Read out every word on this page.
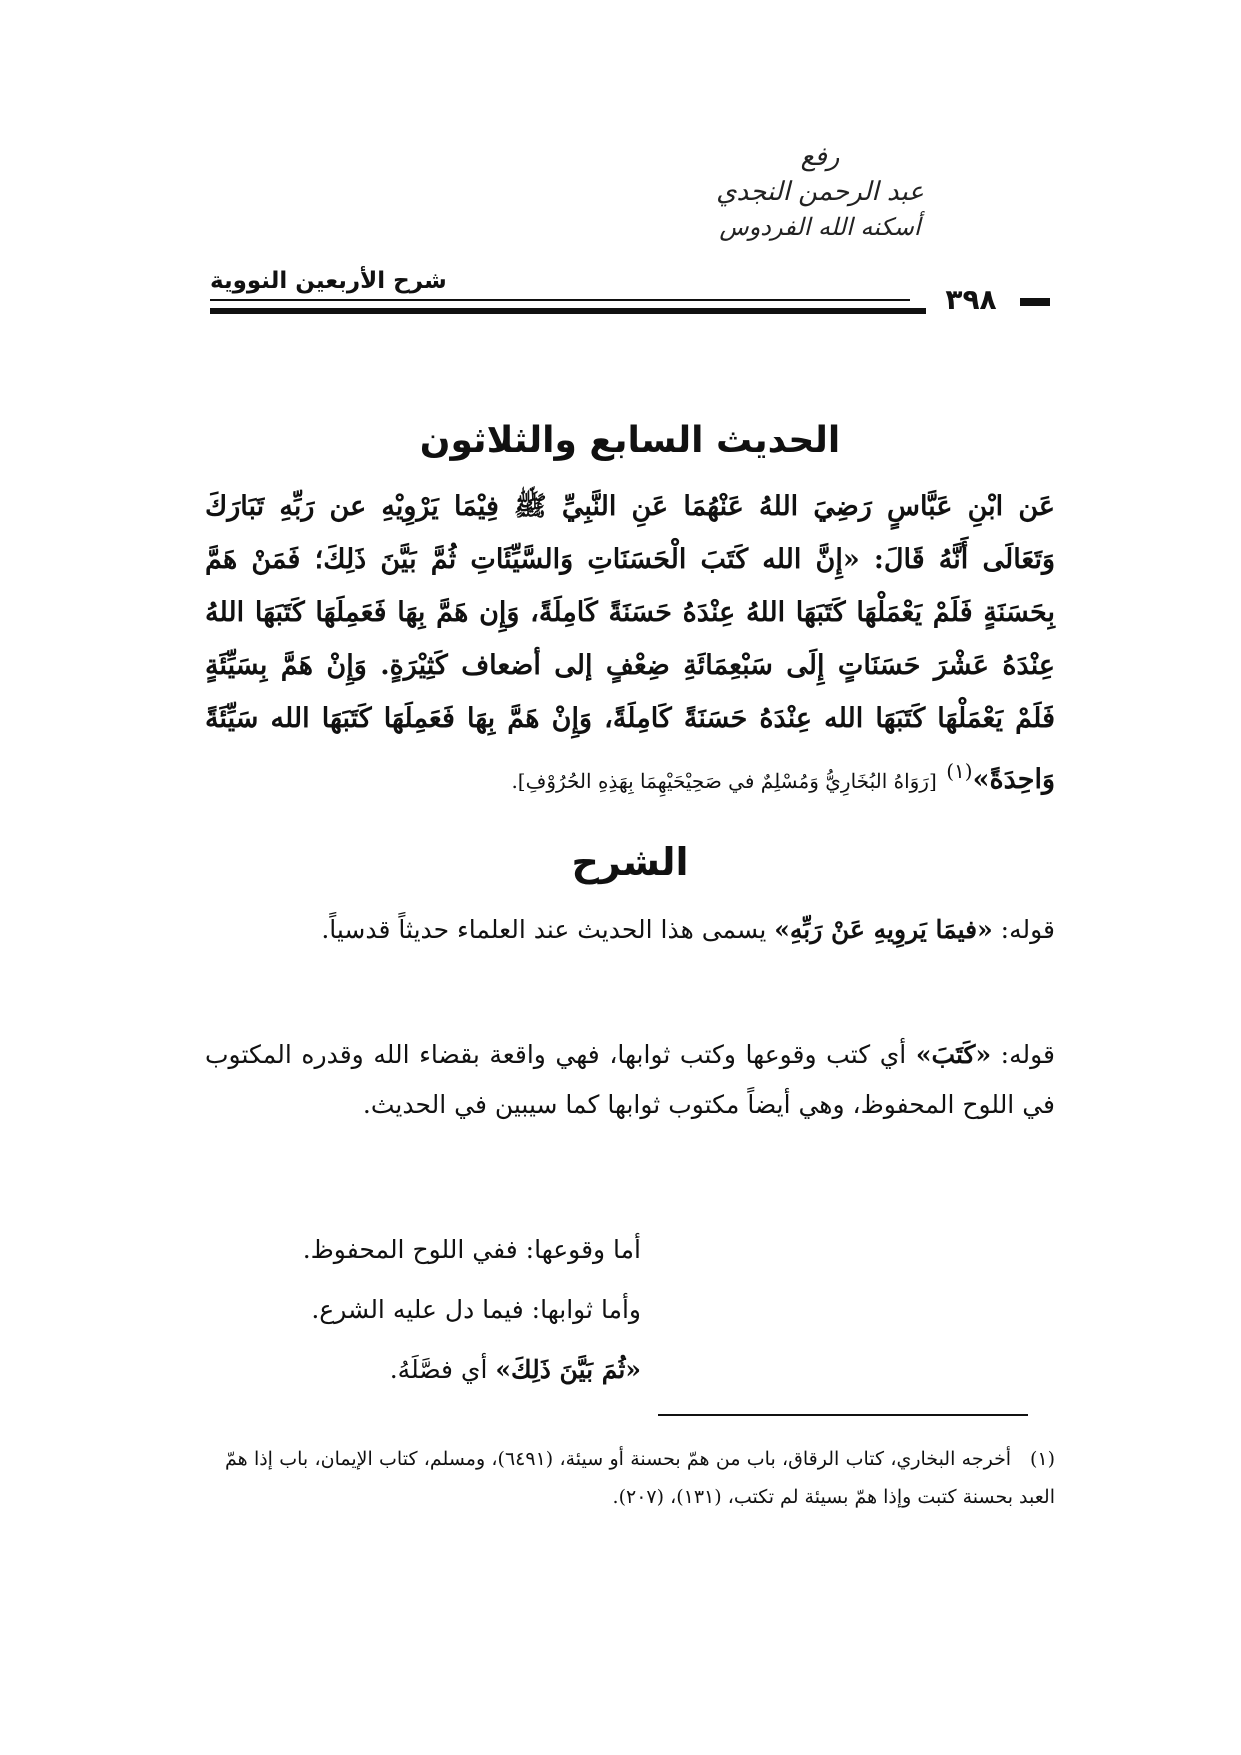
رفع
عبد الرحمن النجدي
أسكنه الله الفردوس
شرح الأربعين النووية
٣٩٨
الحديث السابع والثلاثون
عَن ابْنِ عَبَّاسٍ رَضِيَ اللهُ عَنْهُمَا عَنِ النَّبِيِّ ﷺ فِيْمَا يَرْوِيْهِ عن رَبِّهِ تَبَارَكَ وَتَعَالَى أَنَّهُ قَالَ: «إِنَّ الله كَتَبَ الْحَسَنَاتِ وَالسَّيِّئَاتِ ثُمَّ بَيَّنَ ذَلِكَ؛ فَمَنْ هَمَّ بِحَسَنَةٍ فَلَمْ يَعْمَلْهَا كَتَبَهَا اللهُ عِنْدَهُ حَسَنَةً كَامِلَةً، وَإِن هَمَّ بِهَا فَعَمِلَهَا كَتَبَهَا اللهُ عِنْدَهُ عَشْرَ حَسَنَاتٍ إِلَى سَبْعِمَائَةِ ضِعْفٍ إلى أضعاف كَثِيْرَةٍ. وَإِنْ هَمَّ بِسَيِّئَةٍ فَلَمْ يَعْمَلْهَا كَتَبَهَا الله عِنْدَهُ حَسَنَةً كَامِلَةً، وَإِنْ هَمَّ بِهَا فَعَمِلَهَا كَتَبَهَا الله سَيِّئَةً وَاحِدَةً»$^{(١)}$ [رَوَاهُ البُخَارِيُّ وَمُسْلِمٌ في صَحِيْحَيْهِمَا بِهَذِهِ الحُرُوْفِ].
الشرح
قوله: «فيمَا يَروِيهِ عَنْ رَبِّهِ» يسمى هذا الحديث عند العلماء حديثاً قدسياً.
قوله: «كَتَبَ» أي كتب وقوعها وكتب ثوابها، فهي واقعة بقضاء الله وقدره المكتوب في اللوح المحفوظ، وهي أيضاً مكتوب ثوابها كما سيبين في الحديث.
أما وقوعها: ففي اللوح المحفوظ.
وأما ثوابها: فيما دل عليه الشرع.
«ثُمَ بَيَّنَ ذَلِكَ» أي فصَّلَهُ.
(١)   أخرجه البخاري، كتاب الرقاق، باب من همّ بحسنة أو سيئة، (٦٤٩١)، ومسلم، كتاب الإيمان، باب إذا همّ العبد بحسنة كتبت وإذا همّ بسيئة لم تكتب، (١٣١)، (٢٠٧).
